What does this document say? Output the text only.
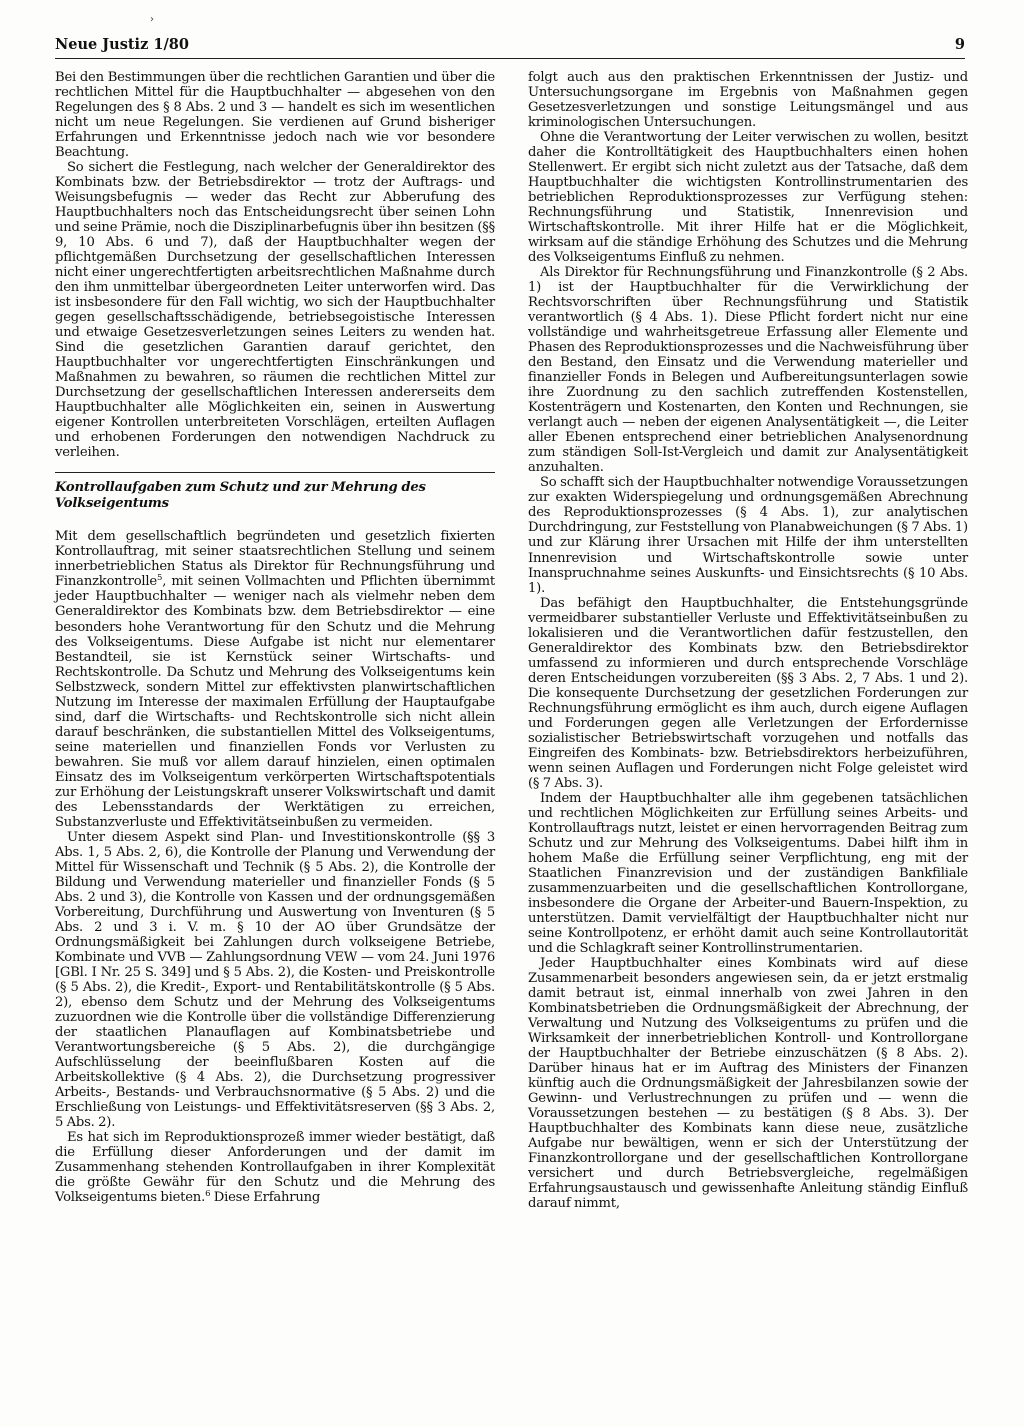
›
Neue Justiz 1/80	9

Bei den Bestimmungen über die rechtlichen Garantien und über die rechtlichen Mittel für die Hauptbuchhalter — abgesehen von den Regelungen des § 8 Abs. 2 und 3 — handelt es sich im wesentlichen nicht um neue Regelungen. Sie verdienen auf Grund bisheriger Erfahrungen und Erkenntnisse jedoch nach wie vor besondere Beachtung.

So sichert die Festlegung, nach welcher der Generaldirektor des Kombinats bzw. der Betriebsdirektor — trotz der Auftrags- und Weisungsbefugnis — weder das Recht zur Abberufung des Hauptbuchhalters noch das Entscheidungsrecht über seinen Lohn und seine Prämie, noch die Disziplinarbefugnis über ihn besitzen (§§ 9, 10 Abs. 6 und 7), daß der Hauptbuchhalter wegen der pflichtgemäßen Durchsetzung der gesellschaftlichen Interessen nicht einer ungerechtfertigten arbeitsrechtlichen Maßnahme durch den ihm unmittelbar übergeordneten Leiter unterworfen wird. Das ist insbesondere für den Fall wichtig, wo sich der Hauptbuchhalter gegen gesellschaftsschädigende, betriebsegoistische Interessen und etwaige Gesetzesverletzungen seines Leiters zu wenden hat. Sind die gesetzlichen Garantien darauf gerichtet, den Hauptbuchhalter vor ungerechtfertigten Einschränkungen und Maßnahmen zu bewahren, so räumen die rechtlichen Mittel zur Durchsetzung der gesellschaftlichen Interessen andererseits dem Hauptbuchhalter alle Möglichkeiten ein, seinen in Auswertung eigener Kontrollen unterbreiteten Vorschlägen, erteilten Auflagen und erhobenen Forderungen den notwendigen Nachdruck zu verleihen.

Kontrollaufgaben zum Schutz und zur Mehrung des Volkseigentums

Mit dem gesellschaftlich begründeten und gesetzlich fixierten Kontrollauftrag, mit seiner staatsrechtlichen Stellung und seinem innerbetrieblichen Status als Direktor für Rechnungsführung und Finanzkontrolle$^5$, mit seinen Vollmachten und Pflichten übernimmt jeder Hauptbuchhalter — weniger nach als vielmehr neben dem Generaldirektor des Kombinats bzw. dem Betriebsdirektor — eine besonders hohe Verantwortung für den Schutz und die Mehrung des Volkseigentums. Diese Aufgabe ist nicht nur elementarer Bestandteil, sie ist Kernstück seiner Wirtschafts- und Rechtskontrolle. Da Schutz und Mehrung des Volkseigentums kein Selbstzweck, sondern Mittel zur effektivsten planwirtschaftlichen Nutzung im Interesse der maximalen Erfüllung der Hauptaufgabe sind, darf die Wirtschafts- und Rechtskontrolle sich nicht allein darauf beschränken, die substantiellen Mittel des Volkseigentums, seine materiellen und finanziellen Fonds vor Verlusten zu bewahren. Sie muß vor allem darauf hinzielen, einen optimalen Einsatz des im Volkseigentum verkörperten Wirtschaftspotentials zur Erhöhung der Leistungskraft unserer Volkswirtschaft und damit des Lebensstandards der Werktätigen zu erreichen, Substanzverluste und Effektivitätseinbußen zu vermeiden.

Unter diesem Aspekt sind Plan- und Investitionskontrolle (§§ 3 Abs. 1, 5 Abs. 2, 6), die Kontrolle der Planung und Verwendung der Mittel für Wissenschaft und Technik (§ 5 Abs. 2), die Kontrolle der Bildung und Verwendung materieller und finanzieller Fonds (§ 5 Abs. 2 und 3), die Kontrolle von Kassen und der ordnungsgemäßen Vorbereitung, Durchführung und Auswertung von Inventuren (§ 5 Abs. 2 und 3 i. V. m. § 10 der AO über Grundsätze der Ordnungsmäßigkeit bei Zahlungen durch volkseigene Betriebe, Kombinate und VVB — Zahlungsordnung VEW — vom 24. Juni 1976 [GBl. I Nr. 25 S. 349] und § 5 Abs. 2), die Kosten- und Preiskontrolle (§ 5 Abs. 2), die Kredit-, Export- und Rentabilitätskontrolle (§ 5 Abs. 2), ebenso dem Schutz und der Mehrung des Volkseigentums zuzuordnen wie die Kontrolle über die vollständige Differenzierung der staatlichen Planauflagen auf Kombinatsbetriebe und Verantwortungsbereiche (§ 5 Abs. 2), die durchgängige Aufschlüsselung der beeinflußbaren Kosten auf die Arbeitskollektive (§ 4 Abs. 2), die Durchsetzung progressiver Arbeits-, Bestands- und Verbrauchsnormative (§ 5 Abs. 2) und die Erschließung von Leistungs- und Effektivitätsreserven (§§ 3 Abs. 2, 5 Abs. 2).

Es hat sich im Reproduktionsprozeß immer wieder bestätigt, daß die Erfüllung dieser Anforderungen und der damit im Zusammenhang stehenden Kontrollaufgaben in ihrer Komplexität die größte Gewähr für den Schutz und die Mehrung des Volkseigentums bieten.$^6$ Diese Erfahrung

folgt auch aus den praktischen Erkenntnissen der Justiz- und Untersuchungsorgane im Ergebnis von Maßnahmen gegen Gesetzesverletzungen und sonstige Leitungsmängel und aus kriminologischen Untersuchungen.

Ohne die Verantwortung der Leiter verwischen zu wollen, besitzt daher die Kontrolltätigkeit des Hauptbuchhalters einen hohen Stellenwert. Er ergibt sich nicht zuletzt aus der Tatsache, daß dem Hauptbuchhalter die wichtigsten Kontrollinstrumentarien des betrieblichen Reproduktionsprozesses zur Verfügung stehen: Rechnungsführung und Statistik, Innenrevision und Wirtschaftskontrolle. Mit ihrer Hilfe hat er die Möglichkeit, wirksam auf die ständige Erhöhung des Schutzes und die Mehrung des Volkseigentums Einfluß zu nehmen.

Als Direktor für Rechnungsführung und Finanzkontrolle (§ 2 Abs. 1) ist der Hauptbuchhalter für die Verwirklichung der Rechtsvorschriften über Rechnungsführung und Statistik verantwortlich (§ 4 Abs. 1). Diese Pflicht fordert nicht nur eine vollständige und wahrheitsgetreue Erfassung aller Elemente und Phasen des Reproduktionsprozesses und die Nachweisführung über den Bestand, den Einsatz und die Verwendung materieller und finanzieller Fonds in Belegen und Aufbereitungsunterlagen sowie ihre Zuordnung zu den sachlich zutreffenden Kostenstellen, Kostenträgern und Kostenarten, den Konten und Rechnungen, sie verlangt auch — neben der eigenen Analysentätigkeit —, die Leiter aller Ebenen entsprechend einer betrieblichen Analysenordnung zum ständigen Soll-Ist-Vergleich und damit zur Analysentätigkeit anzuhalten.

So schafft sich der Hauptbuchhalter notwendige Voraussetzungen zur exakten Widerspiegelung und ordnungsgemäßen Abrechnung des Reproduktionsprozesses (§ 4 Abs. 1), zur analytischen Durchdringung, zur Feststellung von Planabweichungen (§ 7 Abs. 1) und zur Klärung ihrer Ursachen mit Hilfe der ihm unterstellten Innenrevision und Wirtschaftskontrolle sowie unter Inanspruchnahme seines Auskunfts- und Einsichtsrechts (§ 10 Abs. 1).

Das befähigt den Hauptbuchhalter, die Entstehungsgründe vermeidbarer substantieller Verluste und Effektivitätseinbußen zu lokalisieren und die Verantwortlichen dafür festzustellen, den Generaldirektor des Kombinats bzw. den Betriebsdirektor umfassend zu informieren und durch entsprechende Vorschläge deren Entscheidungen vorzubereiten (§§ 3 Abs. 2, 7 Abs. 1 und 2). Die konsequente Durchsetzung der gesetzlichen Forderungen zur Rechnungsführung ermöglicht es ihm auch, durch eigene Auflagen und Forderungen gegen alle Verletzungen der Erfordernisse sozialistischer Betriebswirtschaft vorzugehen und notfalls das Eingreifen des Kombinats- bzw. Betriebsdirektors herbeizuführen, wenn seinen Auflagen und Forderungen nicht Folge geleistet wird (§ 7 Abs. 3).

Indem der Hauptbuchhalter alle ihm gegebenen tatsächlichen und rechtlichen Möglichkeiten zur Erfüllung seines Arbeits- und Kontrollauftrags nutzt, leistet er einen hervorragenden Beitrag zum Schutz und zur Mehrung des Volkseigentums. Dabei hilft ihm in hohem Maße die Erfüllung seiner Verpflichtung, eng mit der Staatlichen Finanzrevision und der zuständigen Bankfiliale zusammenzuarbeiten und die gesellschaftlichen Kontrollorgane, insbesondere die Organe der Arbeiter-und Bauern-Inspektion, zu unterstützen. Damit vervielfältigt der Hauptbuchhalter nicht nur seine Kontrollpotenz, er erhöht damit auch seine Kontrollautorität und die Schlagkraft seiner Kontrollinstrumentarien.

Jeder Hauptbuchhalter eines Kombinats wird auf diese Zusammenarbeit besonders angewiesen sein, da er jetzt erstmalig damit betraut ist, einmal innerhalb von zwei Jahren in den Kombinatsbetrieben die Ordnungsmäßigkeit der Abrechnung, der Verwaltung und Nutzung des Volkseigentums zu prüfen und die Wirksamkeit der innerbetrieblichen Kontroll- und Kontrollorgane der Hauptbuchhalter der Betriebe einzuschätzen (§ 8 Abs. 2). Darüber hinaus hat er im Auftrag des Ministers der Finanzen künftig auch die Ordnungsmäßigkeit der Jahresbilanzen sowie der Gewinn- und Verlustrechnungen zu prüfen und — wenn die Voraussetzungen bestehen — zu bestätigen (§ 8 Abs. 3). Der Hauptbuchhalter des Kombinats kann diese neue, zusätzliche Aufgabe nur bewältigen, wenn er sich der Unterstützung der Finanzkontrollorgane und der gesellschaftlichen Kontrollorgane versichert und durch Betriebsvergleiche, regelmäßigen Erfahrungsaustausch und gewissenhafte Anleitung ständig Einfluß darauf nimmt,
